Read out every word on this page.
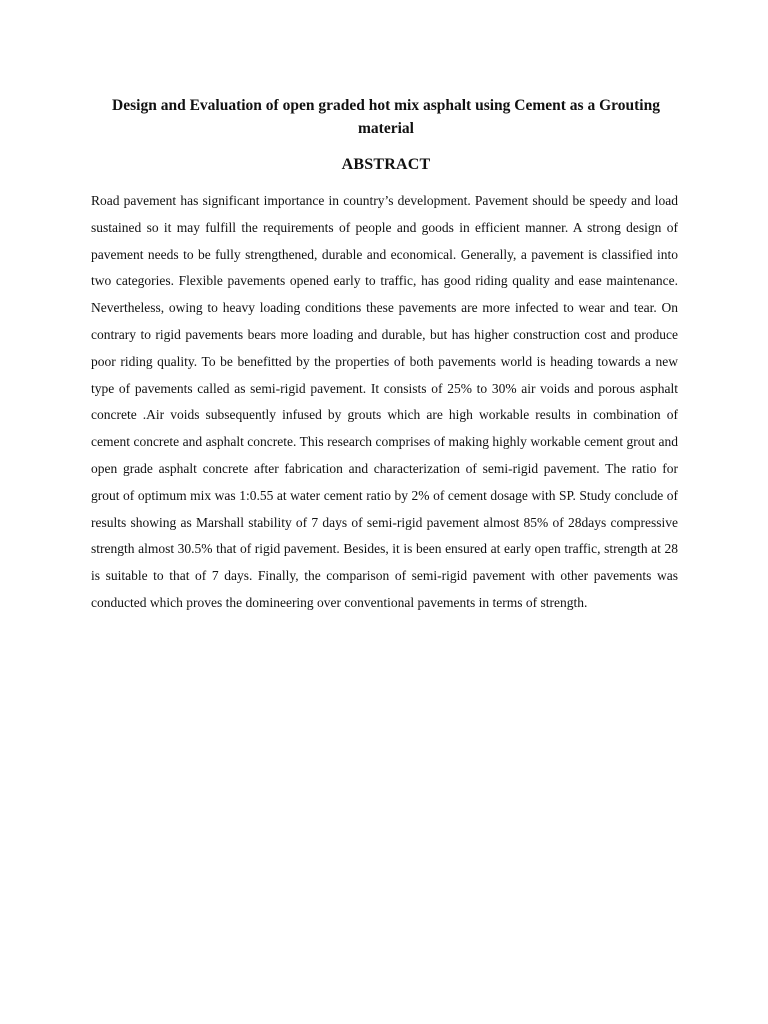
Design and Evaluation of open graded hot mix asphalt using Cement as a Grouting material
ABSTRACT

Road pavement has significant importance in country’s development. Pavement should be speedy and load sustained so it may fulfill the requirements of people and goods in efficient manner. A strong design of pavement needs to be fully strengthened, durable and economical. Generally, a pavement is classified into two categories. Flexible pavements opened early to traffic, has good riding quality and ease maintenance. Nevertheless, owing to heavy loading conditions these pavements are more infected to wear and tear. On contrary to rigid pavements bears more loading and durable, but has higher construction cost and produce poor riding quality. To be benefitted by the properties of both pavements world is heading towards a new type of pavements called as semi-rigid pavement. It consists of 25% to 30% air voids and porous asphalt concrete .Air voids subsequently infused by grouts which are high workable results in combination of cement concrete and asphalt concrete. This research comprises of making highly workable cement grout and open grade asphalt concrete after fabrication and characterization of semi-rigid pavement. The ratio for grout of optimum mix was 1:0.55 at water cement ratio by 2% of cement dosage with SP. Study conclude of results showing as Marshall stability of 7 days of semi-rigid pavement almost 85% of 28days compressive strength almost 30.5% that of rigid pavement. Besides, it is been ensured at early open traffic, strength at 28 is suitable to that of 7 days. Finally, the comparison of semi-rigid pavement with other pavements was conducted which proves the domineering over conventional pavements in terms of strength.
